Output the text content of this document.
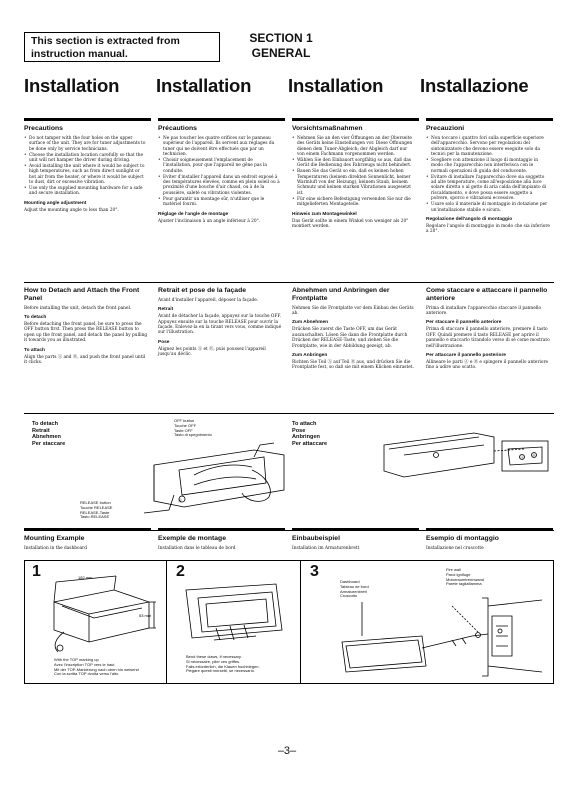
This section is extracted from
instruction manual.
SECTION 1
GENERAL
Installation	Installation	Installation	Installazione
Precautions
• Do not tamper with the four holes on the upper surface of the unit. They are for tuner adjustments to be done only by service technicians.
• Choose the installation location carefully so that the unit will not hamper the driver during driving.
• Avoid installing the unit where it would be subject to high temperatures, such as from direct sunlight or hot air from the heater, or where it would be subject to dust, dirt or excessive vibration.
• Use only the supplied mounting hardware for a safe and secure installation.
Mounting angle adjustment

Adjust the mounting angle to less than 20°.

Précautions
• Ne pas toucher les quatre orifices sur le panneau supérieur de l'appareil. Ils servent aux réglages du tuner qui ne doivent être effectués que par un technicien.
• Choisir soigneusement l'emplacement de l'installation, pour que l'appareil ne gêne pas la conduite.
• Eviter d'installer l'appareil dans un endroit exposé à des températures élevées, comme en plein soleil ou à proximité d'une bouche d'air chaud, ou à de la poussière, saleté ou vibrations violentes.
• Pour garantir un montage sûr, n'utiliser que le matériel fourni.
Réglage de l'angle de montage

Ajuster l'inclinaison à un angle inférieur à 20°.

Vorsichtsmaßnahmen
• Nehmen Sie an den vier Öffnungen an der Oberseite des Geräts keine Einstellungen vor. Diese Öffnungen dienen dem Tuner-Abgleich; der Abgleich darf nur von einem Fachmann vorgenommen werden.
• Wählen Sie den Einbauort sorgfältig so aus, daß das Gerät die Bedienung des Fahrzeugs nicht behindert.
• Bauen Sie das Gerät so ein, daß es keinen hohen Temperaturen (keinem direkten Sonnenlicht, keiner Warmluft von der Heizung), keinem Staub, keinem Schmutz und keinen starken Vibrationen ausgesetzt ist.
• Für eine sichere Befestigung verwenden Sie nur die mitgelieferten Montageteile.
Hinweis zum Montagewinkel

Das Gerät sollte in einem Winkel von weniger als 20° montiert werden.

Precauzioni
• Non toccare i quattro fori sulla superficie superiore dell'apparecchio. Servono per regolazioni del sintonizzatore che devono essere eseguite solo da tecnici per la manutenzione.
• Scegliere con attenzione il luogo di montaggio in modo che l'apparecchio non interferisca con le normali operazioni di guida del conducente.
• Evitare di installare l'apparecchio dove sia soggetto ad alte temperature, come all'esposizione alla luce solare diretta o al getto di aria calda dell'impianto di riscaldamento, o dove possa essere soggetto a polvere, sporco e vibrazioni eccessive.
• Usare solo il materiale di montaggio in dotazione per un'installazione stabile e sicura.
Regolazione dell'angolo di montaggio

Regolare l'angolo di montaggio in modo che sia inferiore a 20°.

How to Detach and Attach the Front Panel

Before installing the unit, detach the front panel.

To detach

Before detaching the front panel, be sure to press the OFF button first. Then press the RELEASE button to open up the front panel, and detach the panel by pulling it towards you as illustrated.

To attach

Align the parts Ⓐ and Ⓑ, and push the front panel until it clicks.

Retrait et pose de la façade

Avant d'installer l'appareil, déposer la façade.

Retrait

Avant de détacher la façade, appuyez sur la touche OFF. Appuyez ensuite sur la touche RELEASE pour ouvrir la façade. Enlevez-la en la tirant vers vous, comme indiqué sur l'illustration.

Pose

Alignez les points Ⓐ et Ⓑ, puis poussez l'appareil jusqu'au déclic.

Abnehmen und Anbringen der Frontplatte

Nehmen Sie die Frontplatte vor dem Einbau des Geräts ab.

Zum Abnehmen

Drücken Sie zuerst die Taste OFF, um das Gerät auszuschalten. Lösen Sie dann die Frontplatte durch Drücken der RELEASE-Taste, und ziehen Sie die Frontplatte, wie in der Abbildung gezeigt, ab.

Zum Anbringen

Richten Sie Teil Ⓐ auf Teil Ⓑ aus, und drücken Sie die Frontplatte fest, so daß sie mit einem Klicken einrastet.

Come staccare e attaccare il pannello anteriore

Prima di installare l'apparecchio staccare il pannello anteriore.

Per staccare il pannello anteriore

Prima di staccare il pannello anteriore, premere il tasto OFF. Quindi premere il tasto RELEASE per aprire il pannello e staccarlo tirandolo verso di sé come mostrato nell'illustrazione.

Per attaccare il pannello posteriore

Allineare le parti Ⓐ e Ⓑ e spingere il pannello anteriore fino a udire uno scatto.

To detach
Retrait
Abnehmen
Per staccare
OFF button
Touche OFF
Taste OFF
Tasto di spegnimento
RELEASE button
Touche RELEASE
RELEASE-Taste
Tasto RELEASE
Ⓐ
To attach
Pose
Anbringen
Per attaccare
Ⓐ Ⓑ
Mounting Example

Installation in the dashboard

Exemple de montage

Installation dans le tableau de bord

Einbaubeispiel

Installation im Armaturenbrett

Esempio di montaggio

Installazione nel cruscotte

1	2	3
182 mm
53 mm
With the TOP marking up
Avec l'inscription TOP vers le haut
Mit der TOP-Markierung nach oben hin weisend
Con la scritta TOP rivolta verso l'alto
Bend these claws, if necessary.
Si nécessaire, plier ces griffes.
Falls erforderlich, die Klauen hochbiegen.
Piegare questi morsetti, se necessario.
Dashboard
Tableau de bord
Armaturenbrett
Cruscotto
Fire wall
Paroi ignifuge
Motorraumtrennwand
Parete tagliafiamma
–3–
